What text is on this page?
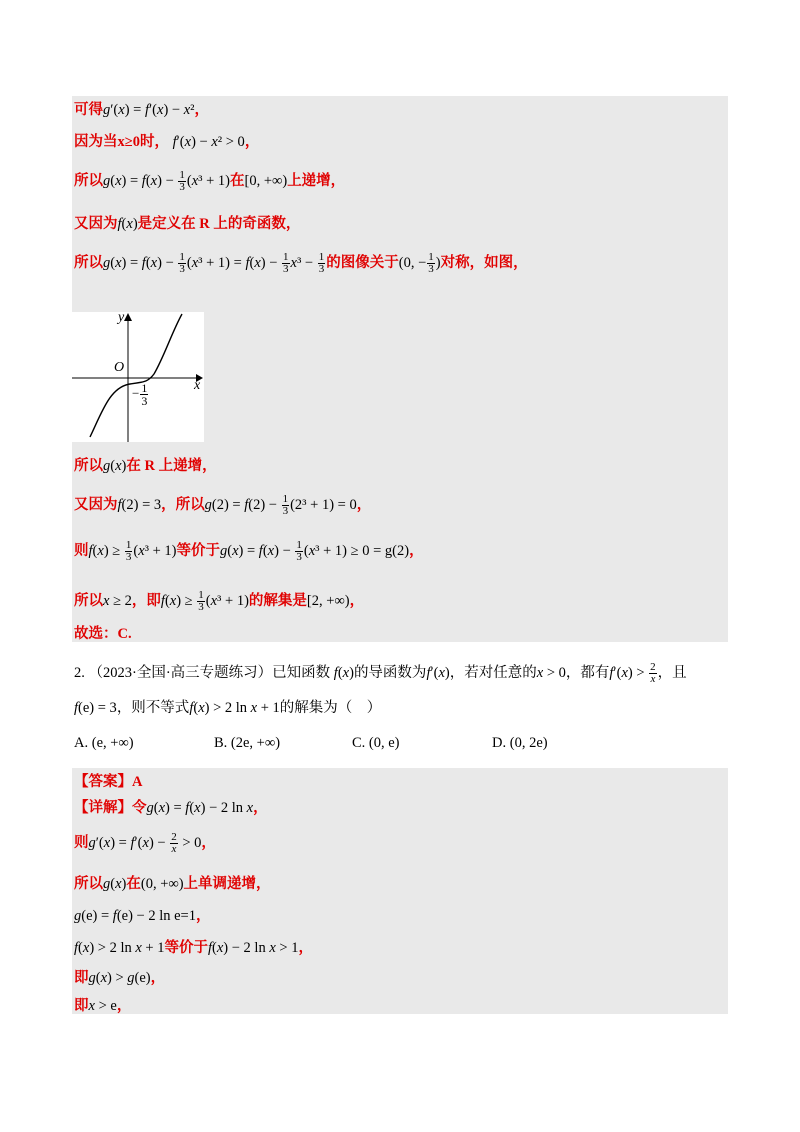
可得g′(x) = f′(x) − x²，
因为当x≥0时， f′(x) − x² > 0，
所以$g(x) = f(x) - \frac{1}{3} (x^3 + 1)$在[0, +∞)上递增，
又因为f(x)是定义在 R 上的奇函数，
所以$g(x) = f(x) - \frac{1}{3} (x^3 + 1) = f(x) - \frac{1}{3} x^3 - \frac{1}{3}$ 的图像关于(0, − $\frac{1}{3}$ )对称，如图，
y
x
O
− $\frac{1}{3}$
所以g(x)在 R 上递增，
又因为f(2) = 3，所以$g(2) = f(2) - \frac{1}{3} (2^3 + 1) = 0$，
则$f(x) \ge \frac{1}{3} (x^3 + 1)$等价于$g(x) = f(x) - \frac{1}{3} (x^3 + 1) \ge 0 = g(2)$，
所以x ≥ 2，即$f(x) \ge \frac{1}{3} (x^3 + 1)$的解集是[2, +∞)，
故选：C.
2. （2023·全国·高三专题练习）已知函数 f(x)的导函数为f′(x)，若对任意的x > 0，都有$f'(x) > \frac{2}{x}$ ，且
f(e) = 3，则不等式f(x) > 2 ln x + 1的解集为（　）
A. (e, +∞)	B. (2e, +∞)	C. (0, e)	D. (0, 2e)
【答案】A
【详解】令g(x) = f(x) − 2 ln x，
则$g'(x) = f'(x) - \frac{2}{x} > 0$，
所以g(x)在(0, +∞)上单调递增，
g(e) = f(e) − 2 ln e=1，
f(x) > 2 ln x + 1等价于f(x) − 2 ln x > 1，
即g(x) > g(e)，
即x > e，
